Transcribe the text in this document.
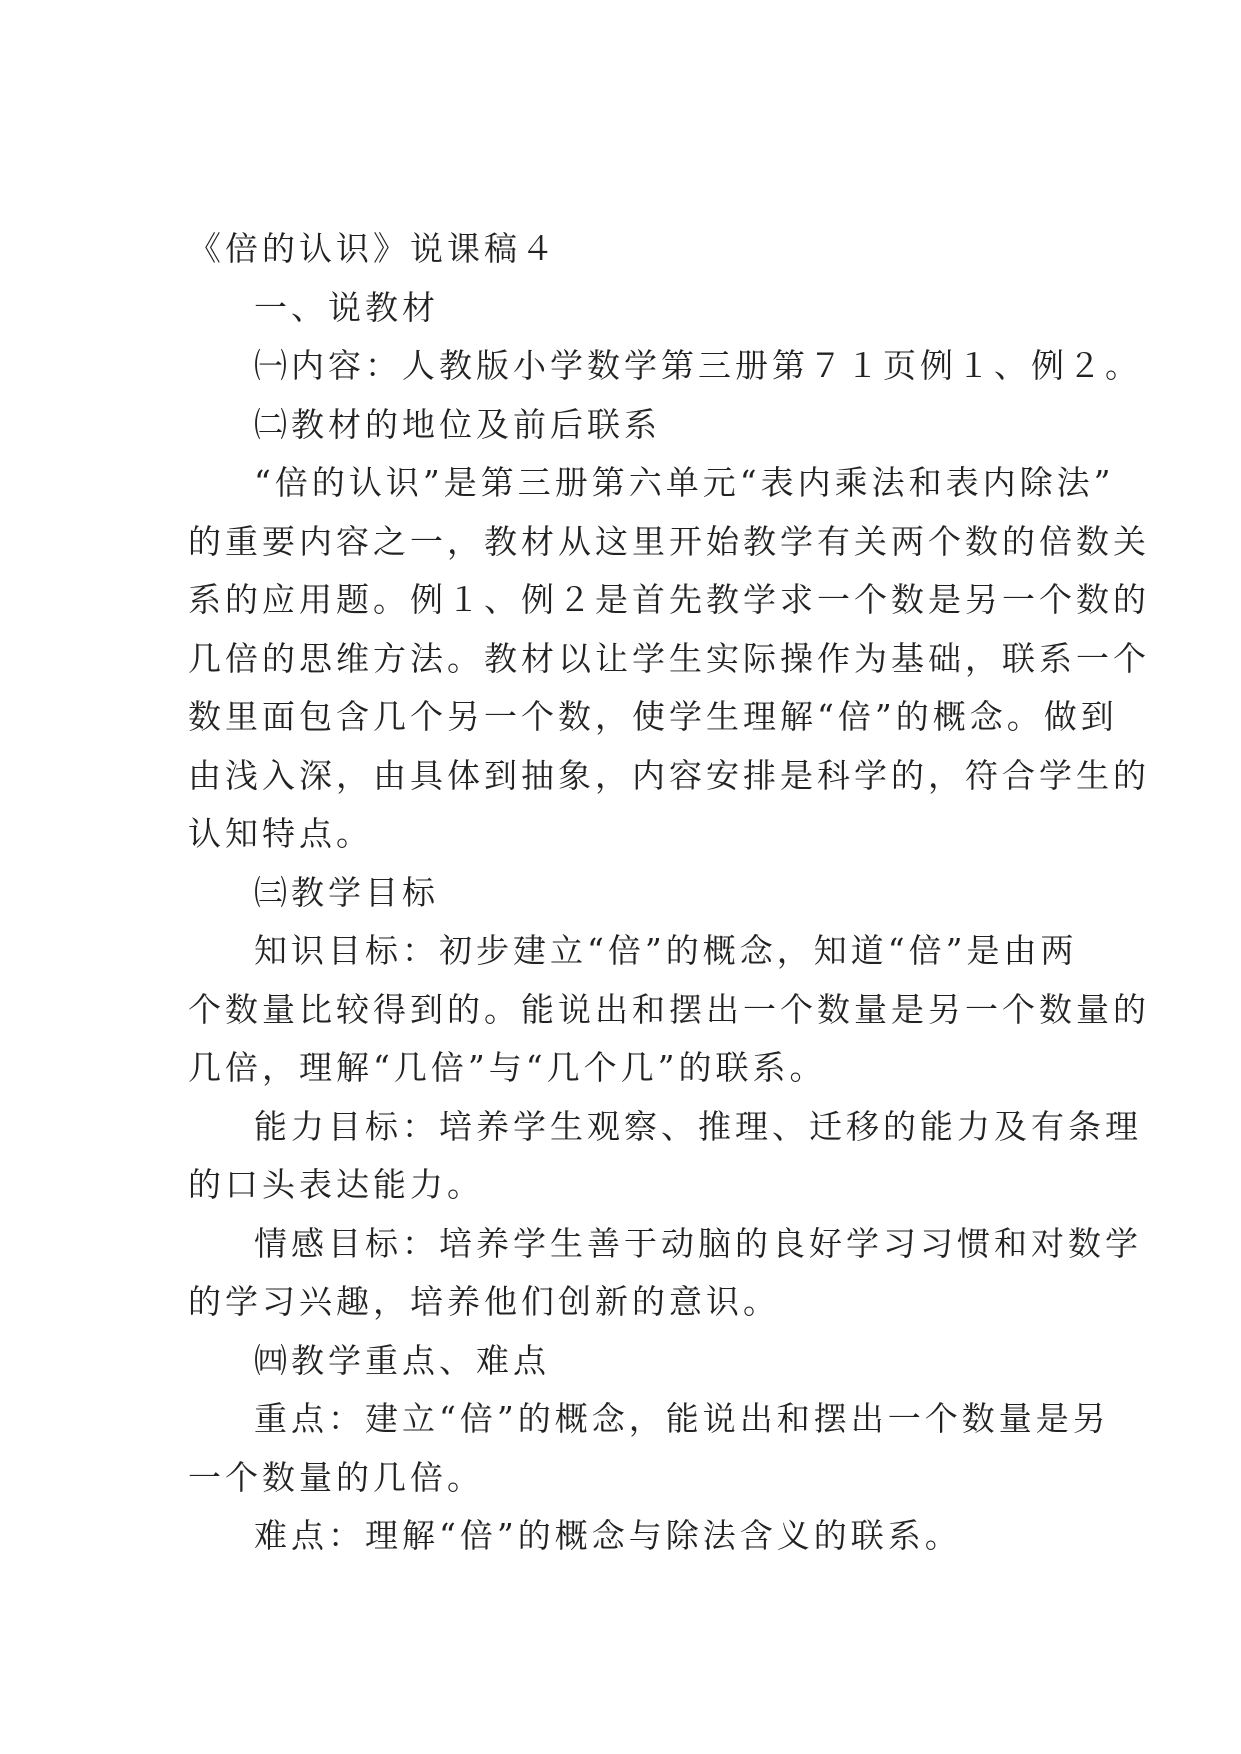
《倍的认识》说课稿４

一、说教材

㈠内容：人教版小学数学第三册第７１页例１、例２。

㈡教材的地位及前后联系

“倍的认识”是第三册第六单元“表内乘法和表内除法”

的重要内容之一，教材从这里开始教学有关两个数的倍数关

系的应用题。例１、例２是首先教学求一个数是另一个数的

几倍的思维方法。教材以让学生实际操作为基础，联系一个

数里面包含几个另一个数，使学生理解“倍”的概念。做到

由浅入深，由具体到抽象，内容安排是科学的，符合学生的

认知特点。

㈢教学目标

知识目标：初步建立“倍”的概念，知道“倍”是由两

个数量比较得到的。能说出和摆出一个数量是另一个数量的

几倍，理解“几倍”与“几个几”的联系。

能力目标：培养学生观察、推理、迁移的能力及有条理

的口头表达能力。

情感目标：培养学生善于动脑的良好学习习惯和对数学

的学习兴趣，培养他们创新的意识。

㈣教学重点、难点

重点：建立“倍”的概念，能说出和摆出一个数量是另

一个数量的几倍。

难点：理解“倍”的概念与除法含义的联系。
